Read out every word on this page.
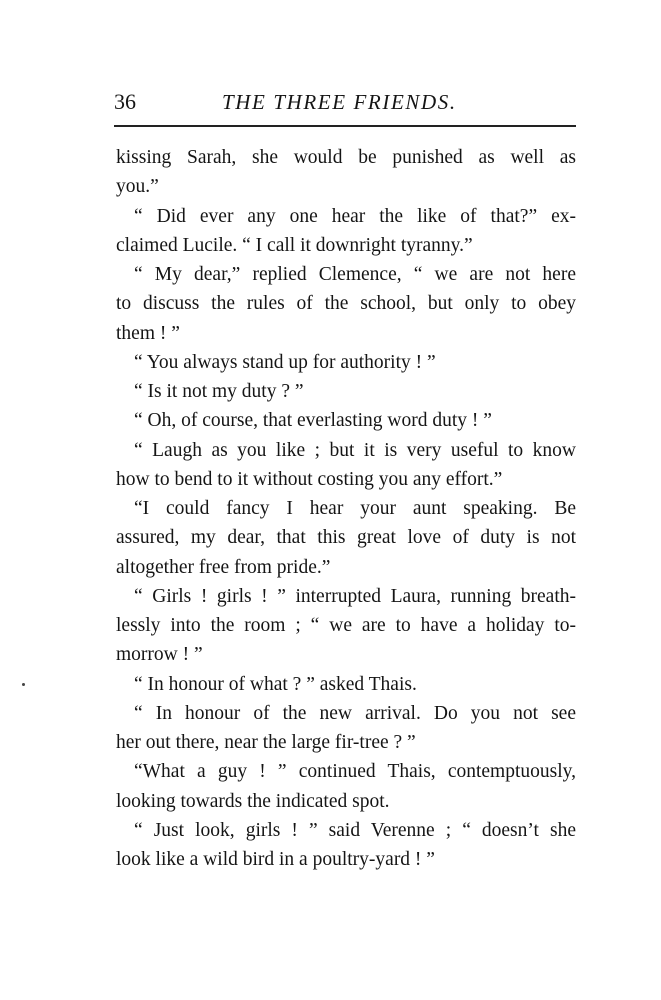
36	THE THREE FRIENDS.
kissing Sarah, she would be punished as well as
you.”
“ Did ever any one hear the like of that?” ex-
claimed Lucile. “ I call it downright tyranny.”
“ My dear,” replied Clemence, “ we are not here
to discuss the rules of the school, but only to obey
them ! ”
“ You always stand up for authority ! ”
“ Is it not my duty ? ”
“ Oh, of course, that everlasting word duty ! ”
“ Laugh as you like ; but it is very useful to know
how to bend to it without costing you any effort.”
“I could fancy I hear your aunt speaking. Be
assured, my dear, that this great love of duty is not
altogether free from pride.”
“ Girls ! girls ! ” interrupted Laura, running breath-
lessly into the room ; “ we are to have a holiday to-
morrow ! ”
“ In honour of what ? ” asked Thais.
“ In honour of the new arrival. Do you not see
her out there, near the large fir-tree ? ”
“What a guy ! ” continued Thais, contemptuously,
looking towards the indicated spot.
“ Just look, girls ! ” said Verenne ; “ doesn’t she
look like a wild bird in a poultry-yard ! ”
